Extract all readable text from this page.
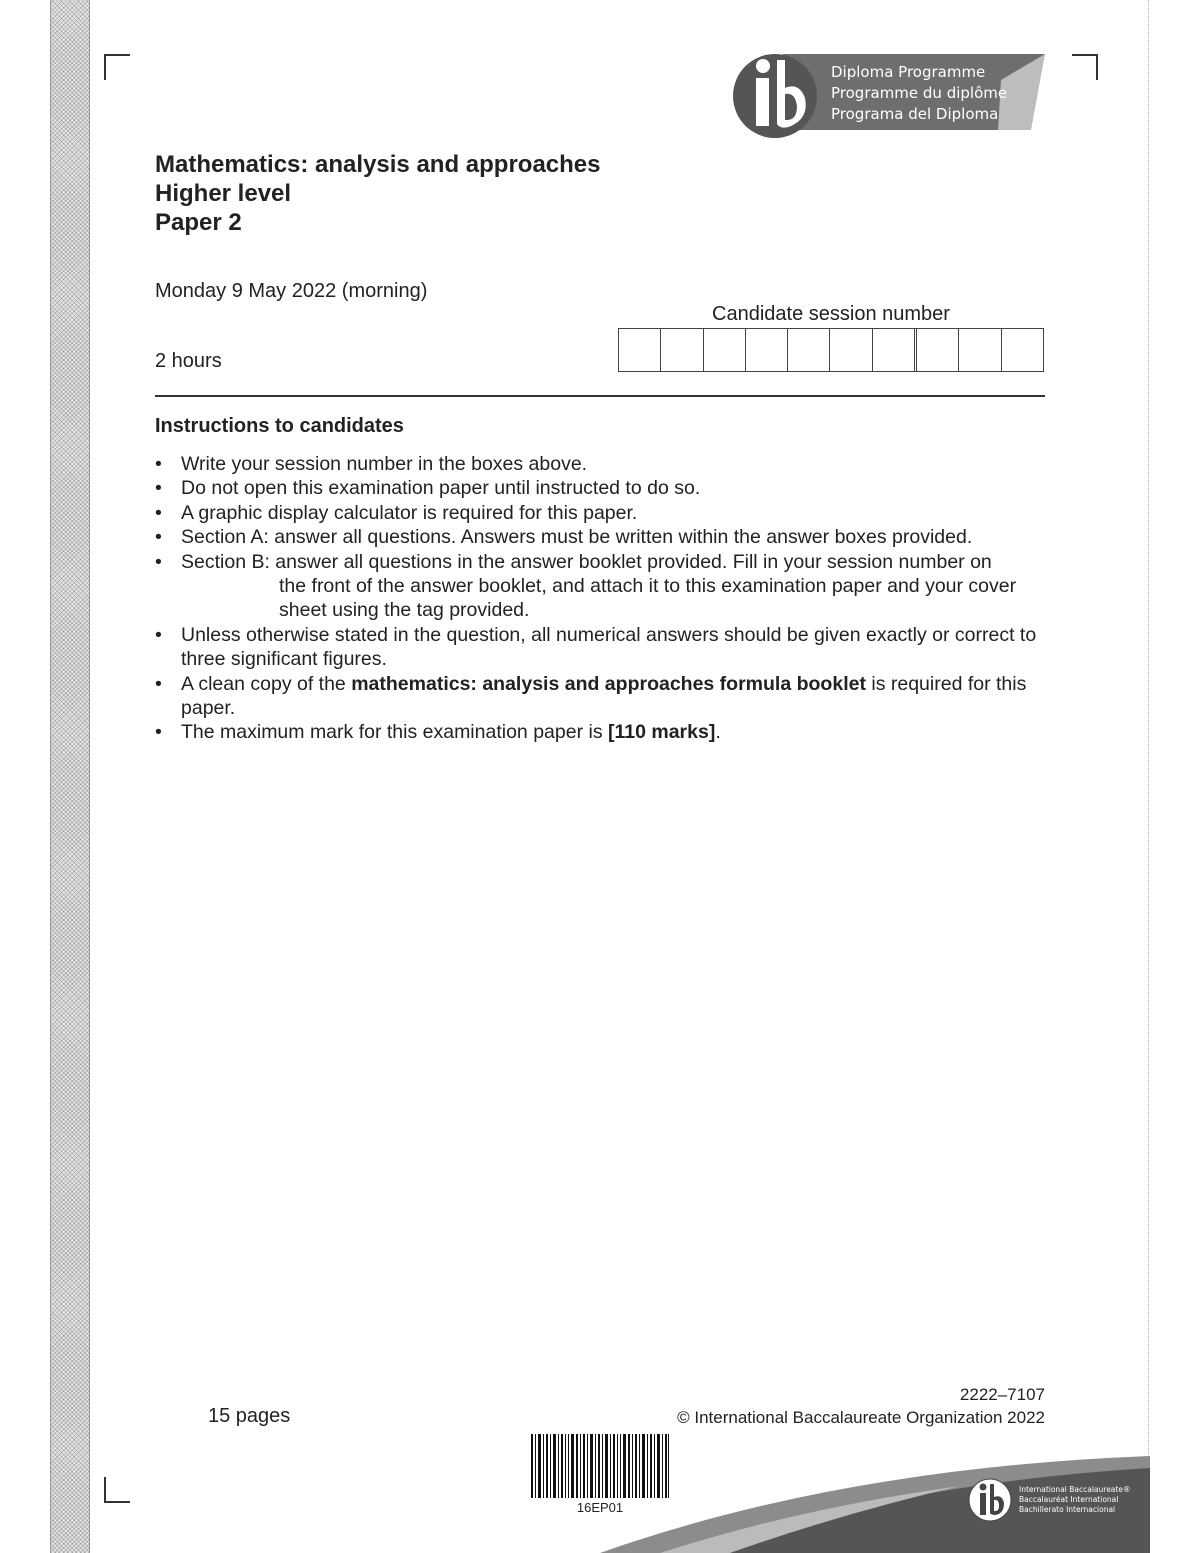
Diploma Programme
Programme du diplôme
Programa del Diploma
Mathematics: analysis and approaches
Higher level
Paper 2
Monday 9 May 2022 (morning)
2 hours
Candidate session number
Instructions to candidates
• Write your session number in the boxes above.
• Do not open this examination paper until instructed to do so.
• A graphic display calculator is required for this paper.
• Section A: answer all questions. Answers must be written within the answer boxes provided.
• Section B: answer all questions in the answer booklet provided. Fill in your session number on
the front of the answer booklet, and attach it to this examination paper and your cover sheet using the tag provided.
• Unless otherwise stated in the question, all numerical answers should be given exactly or correct to three significant figures.
• A clean copy of the mathematics: analysis and approaches formula booklet is required for this paper.
• The maximum mark for this examination paper is [110 marks].
15 pages
2222–7107
© International Baccalaureate Organization 2022
16EP01
International Baccalaureate®
Baccalauréat International
Bachillerato Internacional
